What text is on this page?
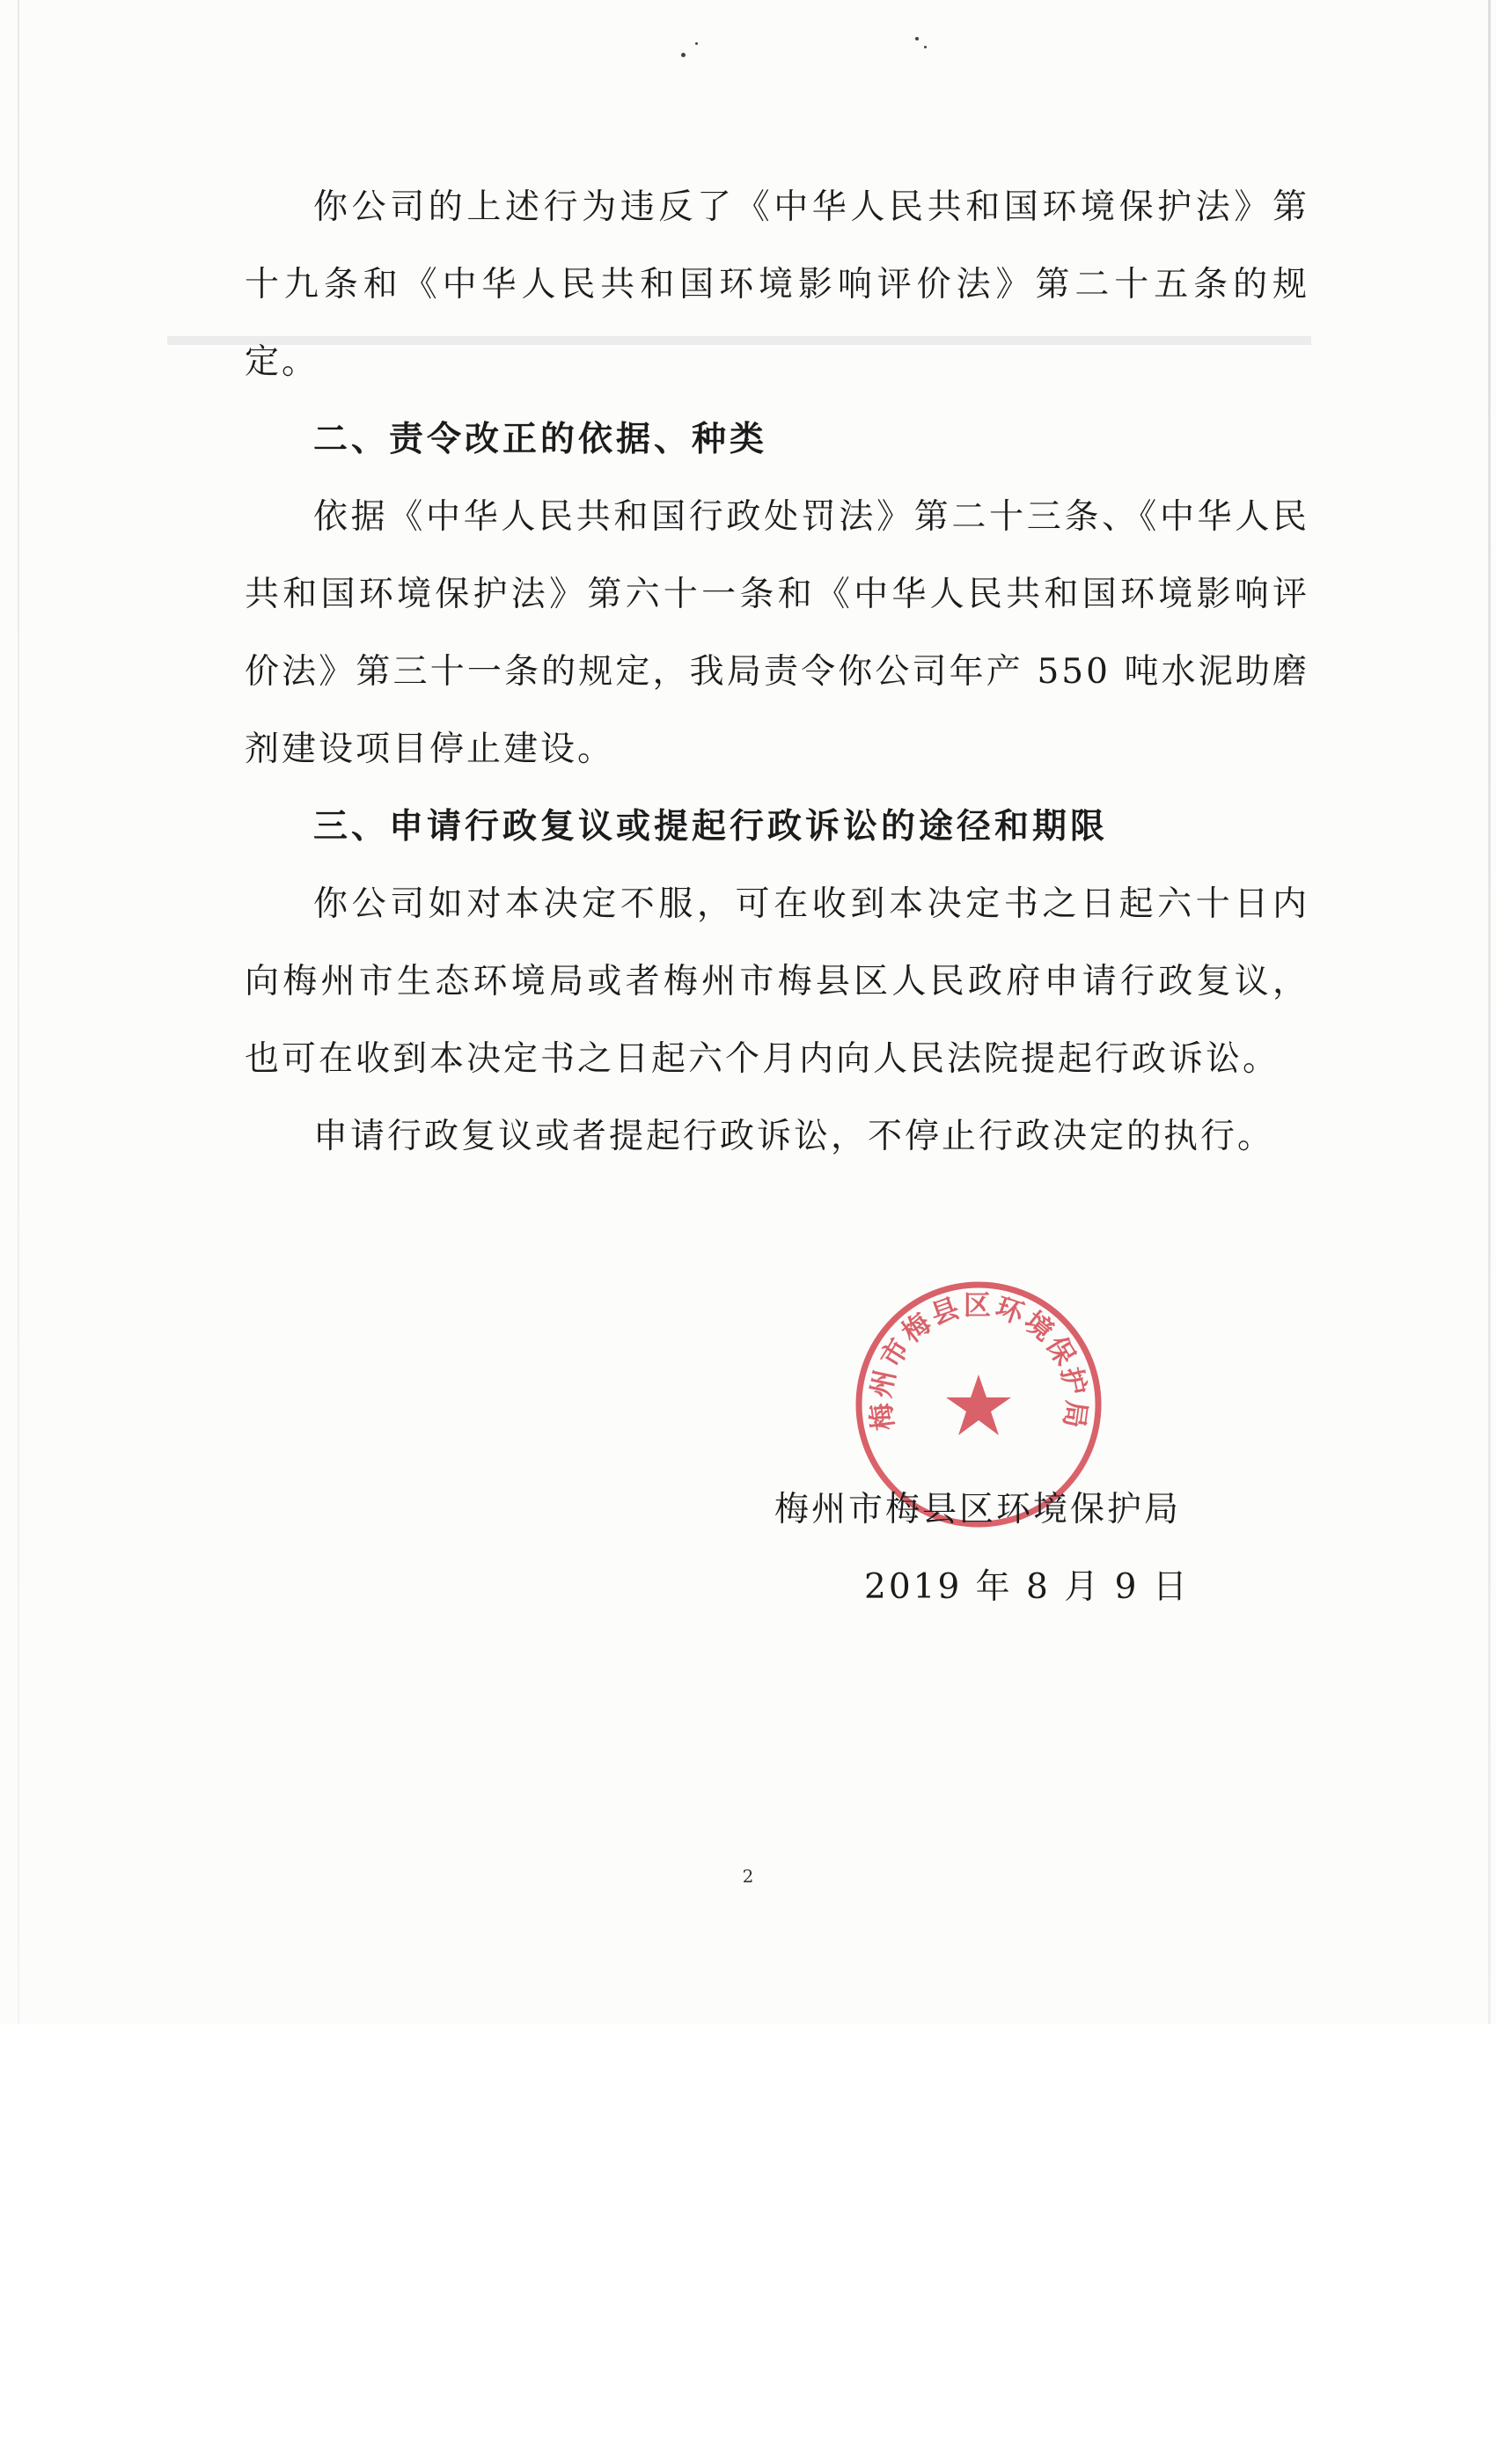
你公司的上述行为违反了《中华人民共和国环境保护法》第十九条和《中华人民共和国环境影响评价法》第二十五条的规定。

二、责令改正的依据、种类

依据《中华人民共和国行政处罚法》第二十三条、《中华人民共和国环境保护法》第六十一条和《中华人民共和国环境影响评价法》第三十一条的规定，我局责令你公司年产 550 吨水泥助磨剂建设项目停止建设。

三、申请行政复议或提起行政诉讼的途径和期限

你公司如对本决定不服，可在收到本决定书之日起六十日内向梅州市生态环境局或者梅州市梅县区人民政府申请行政复议，也可在收到本决定书之日起六个月内向人民法院提起行政诉讼。

申请行政复议或者提起行政诉讼，不停止行政决定的执行。

梅州市梅县区环境保护局
梅州市梅县区环境保护局
2019 年 8 月 9 日
2
